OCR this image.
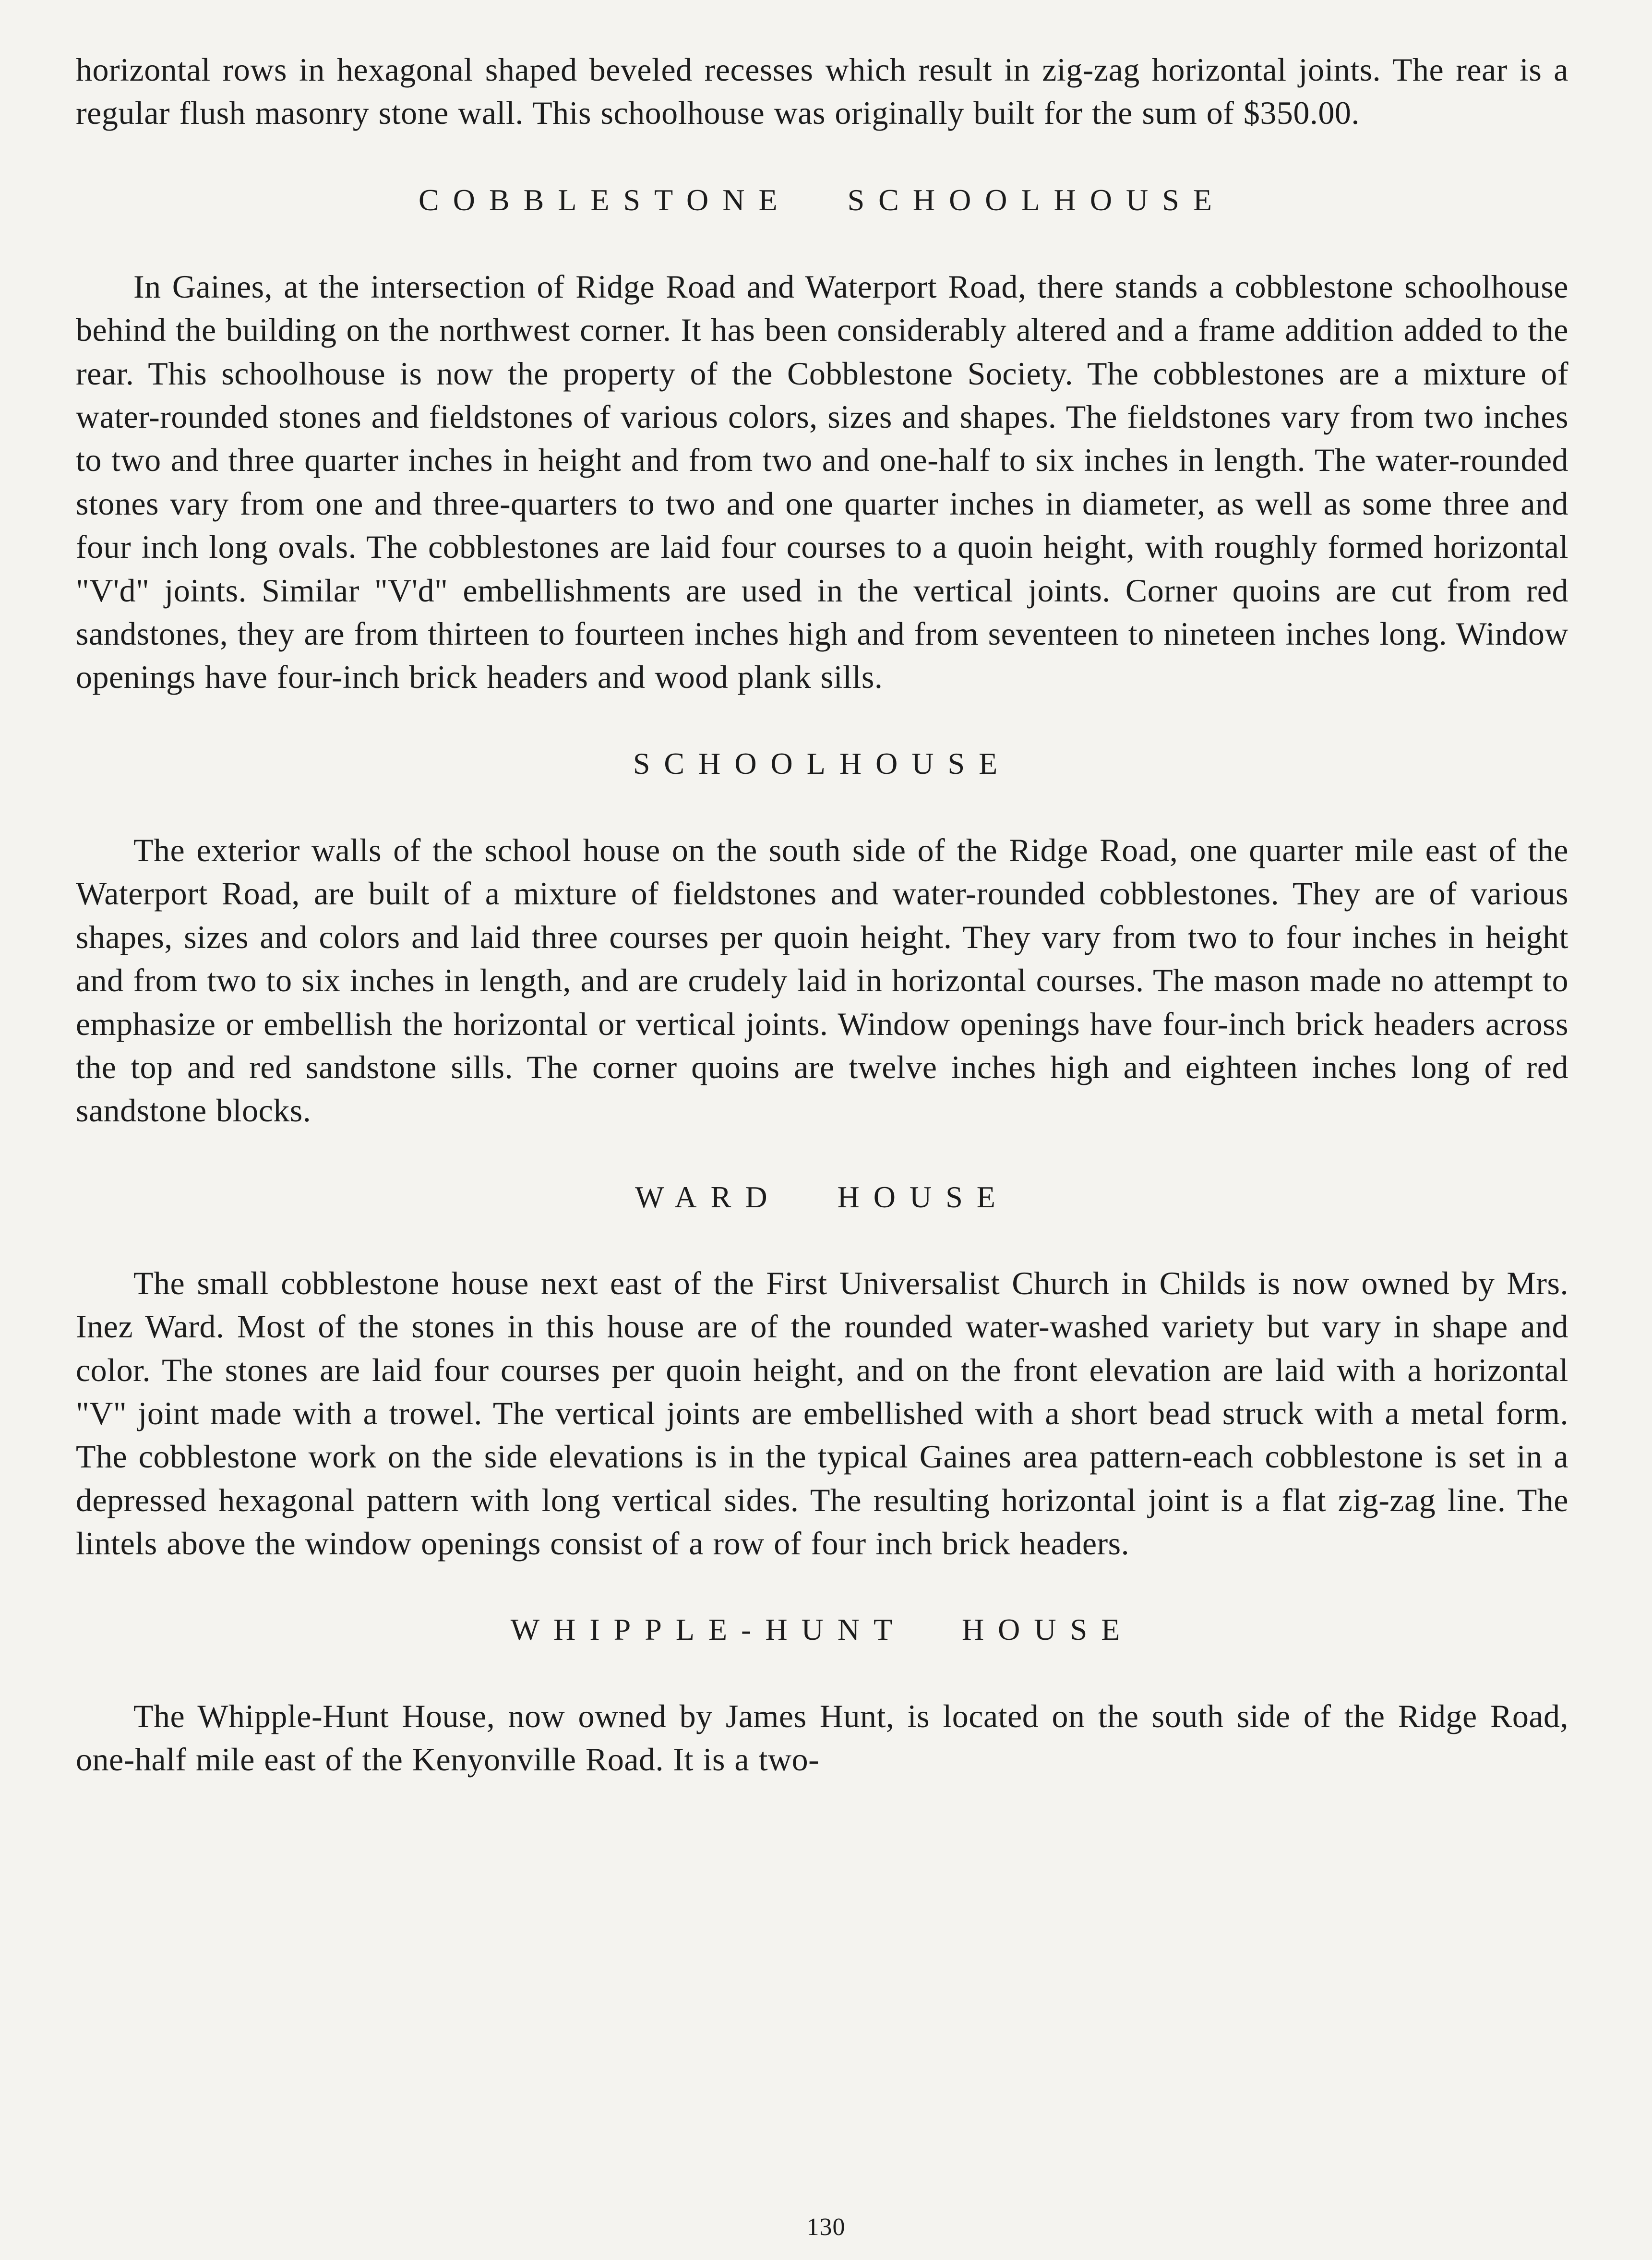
horizontal rows in hexagonal shaped beveled recesses which result in zig-zag horizontal joints. The rear is a regular flush masonry stone wall. This schoolhouse was originally built for the sum of $350.00.

COBBLESTONE SCHOOLHOUSE

In Gaines, at the intersection of Ridge Road and Waterport Road, there stands a cobblestone schoolhouse behind the building on the northwest corner. It has been considerably altered and a frame addition added to the rear. This schoolhouse is now the property of the Cobblestone Society. The cobblestones are a mixture of water-rounded stones and fieldstones of various colors, sizes and shapes. The fieldstones vary from two inches to two and three quarter inches in height and from two and one-half to six inches in length. The water-rounded stones vary from one and three-quarters to two and one quarter inches in diameter, as well as some three and four inch long ovals. The cobblestones are laid four courses to a quoin height, with roughly formed horizontal "V'd" joints. Similar "V'd" embellishments are used in the vertical joints. Corner quoins are cut from red sandstones, they are from thirteen to fourteen inches high and from seventeen to nineteen inches long. Window openings have four-inch brick headers and wood plank sills.

SCHOOLHOUSE

The exterior walls of the school house on the south side of the Ridge Road, one quarter mile east of the Waterport Road, are built of a mixture of fieldstones and water-rounded cobblestones. They are of various shapes, sizes and colors and laid three courses per quoin height. They vary from two to four inches in height and from two to six inches in length, and are crudely laid in horizontal courses. The mason made no attempt to emphasize or embellish the horizontal or vertical joints. Window openings have four-inch brick headers across the top and red sandstone sills. The corner quoins are twelve inches high and eighteen inches long of red sandstone blocks.

WARD HOUSE

The small cobblestone house next east of the First Universalist Church in Childs is now owned by Mrs. Inez Ward. Most of the stones in this house are of the rounded water-washed variety but vary in shape and color. The stones are laid four courses per quoin height, and on the front elevation are laid with a horizontal "V" joint made with a trowel. The vertical joints are embellished with a short bead struck with a metal form. The cobblestone work on the side elevations is in the typical Gaines area pattern-each cobblestone is set in a depressed hexagonal pattern with long vertical sides. The resulting horizontal joint is a flat zig-zag line. The lintels above the window openings consist of a row of four inch brick headers.

WHIPPLE-HUNT HOUSE

The Whipple-Hunt House, now owned by James Hunt, is located on the south side of the Ridge Road, one-half mile east of the Kenyonville Road. It is a two-

130
